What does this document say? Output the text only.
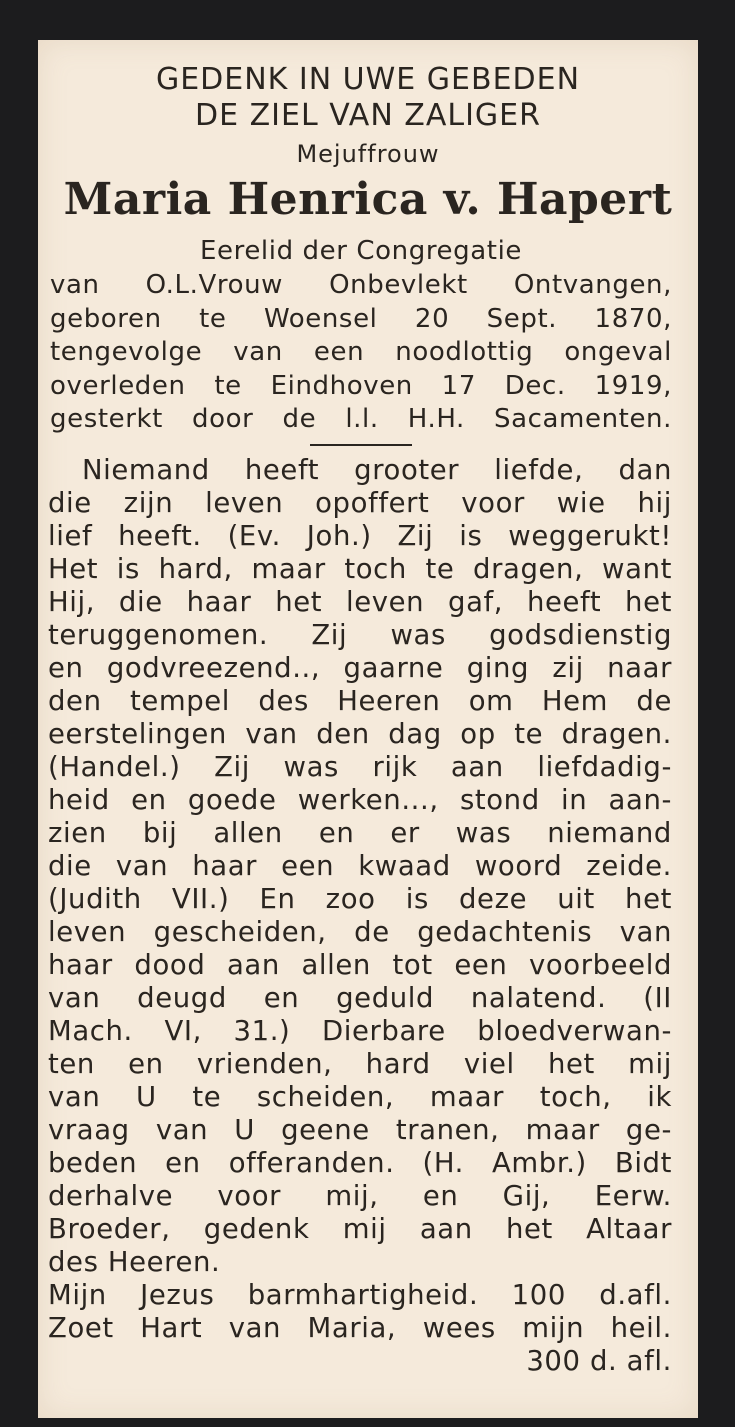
GEDENK IN UWE GEBEDEN
DE ZIEL VAN ZALIGER
Mejuffrouw
Maria Henrica v. Hapert
Eerelid der Congregatie
van O.L.Vrouw Onbevlekt Ontvangen,
geboren te Woensel 20 Sept. 1870,
tengevolge van een noodlottig ongeval
overleden te Eindhoven 17 Dec. 1919,
gesterkt door de l.l. H.H. Sacamenten.
Niemand heeft grooter liefde, dan
die zijn leven opoffert voor wie hij
lief heeft. (Ev. Joh.) Zij is weggerukt!
Het is hard, maar toch te dragen, want
Hij, die haar het leven gaf, heeft het
teruggenomen. Zij was godsdienstig
en godvreezend.., gaarne ging zij naar
den tempel des Heeren om Hem de
eerstelingen van den dag op te dragen.
(Handel.) Zij was rijk aan liefdadig-
heid en goede werken..., stond in aan-
zien bij allen en er was niemand
die van haar een kwaad woord zeide.
(Judith VII.) En zoo is deze uit het
leven gescheiden, de gedachtenis van
haar dood aan allen tot een voorbeeld
van deugd en geduld nalatend. (II
Mach. VI, 31.) Dierbare bloedverwan-
ten en vrienden, hard viel het mij
van U te scheiden, maar toch, ik
vraag van U geene tranen, maar ge-
beden en offeranden. (H. Ambr.) Bidt
derhalve voor mij, en Gij, Eerw.
Broeder, gedenk mij aan het Altaar
des Heeren.
Mijn Jezus barmhartigheid. 100 d.afl.
Zoet Hart van Maria, wees mijn heil.
300 d. afl.
